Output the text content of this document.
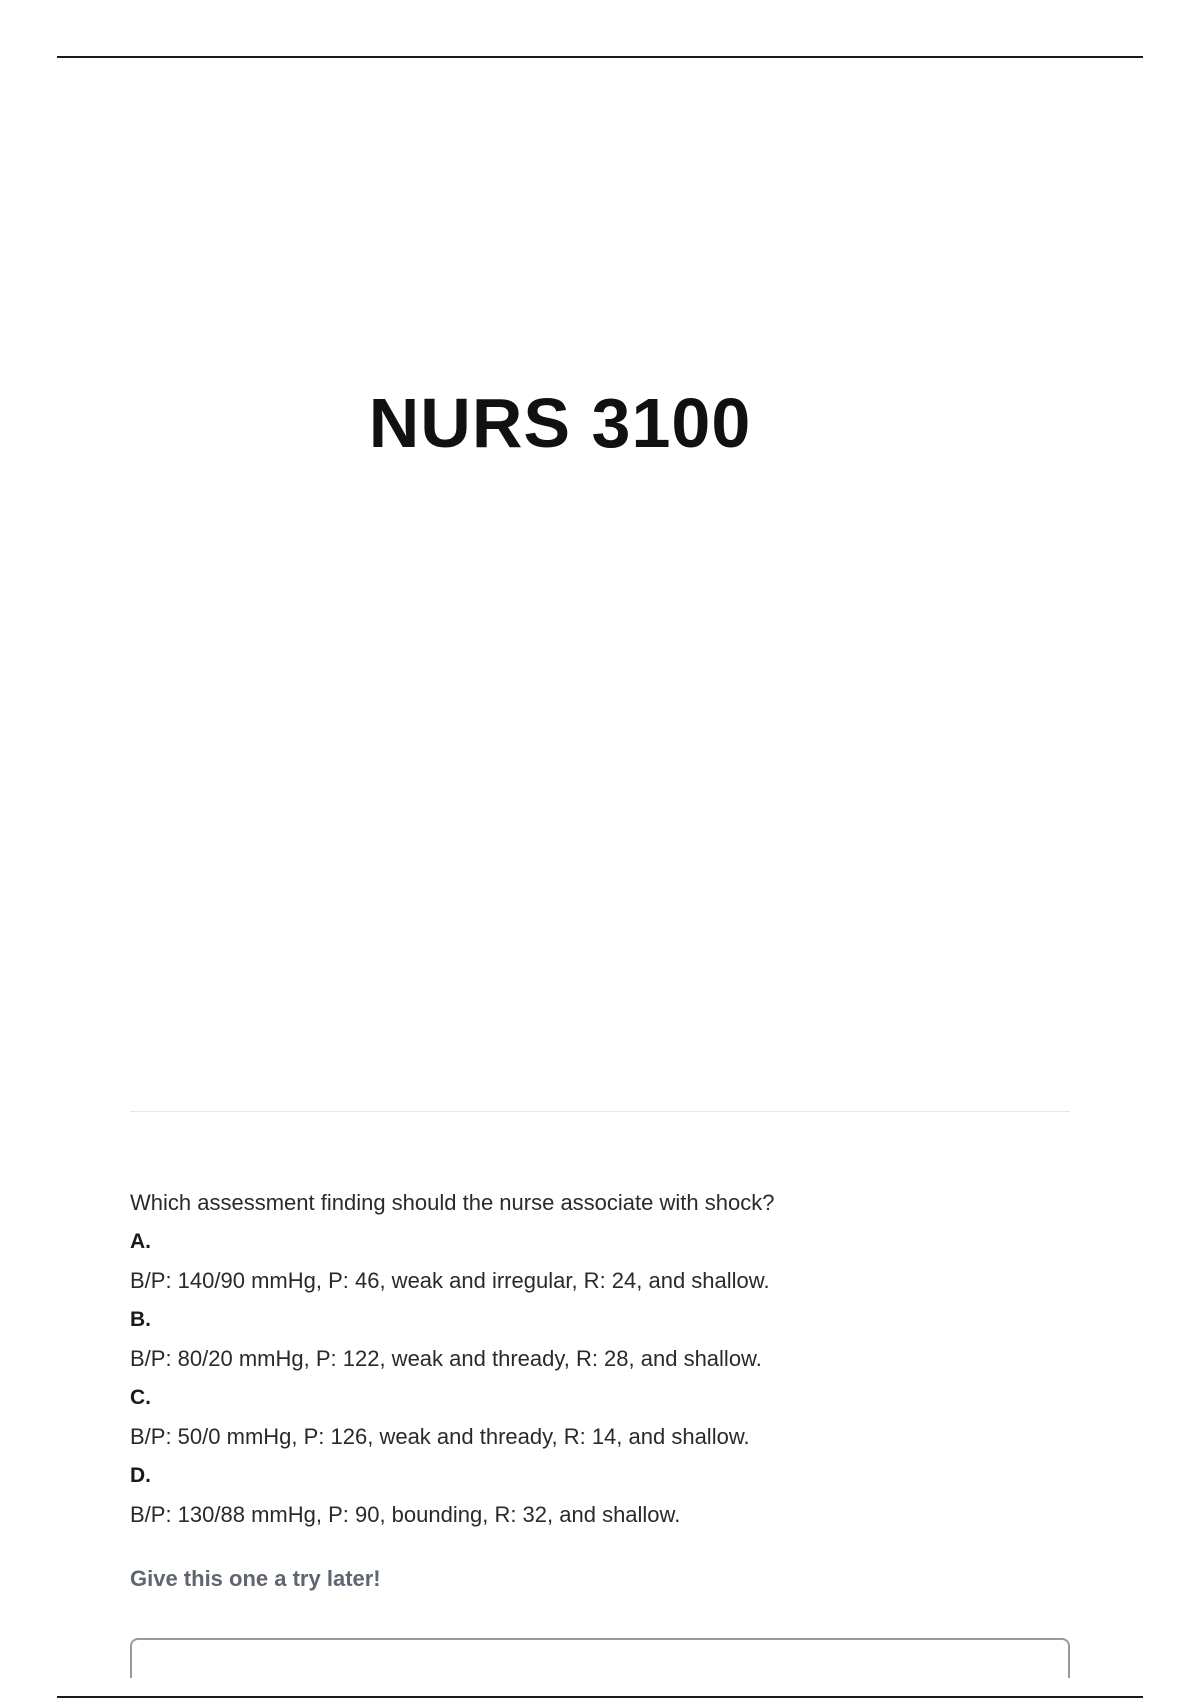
NURS 3100

Which assessment finding should the nurse associate with shock?

A.
B/P: 140/90 mmHg, P: 46, weak and irregular, R: 24, and shallow.
B.
B/P: 80/20 mmHg, P: 122, weak and thready, R: 28, and shallow.
C.
B/P: 50/0 mmHg, P: 126, weak and thready, R: 14, and shallow.
D.
B/P: 130/88 mmHg, P: 90, bounding, R: 32, and shallow.
Give this one a try later!
